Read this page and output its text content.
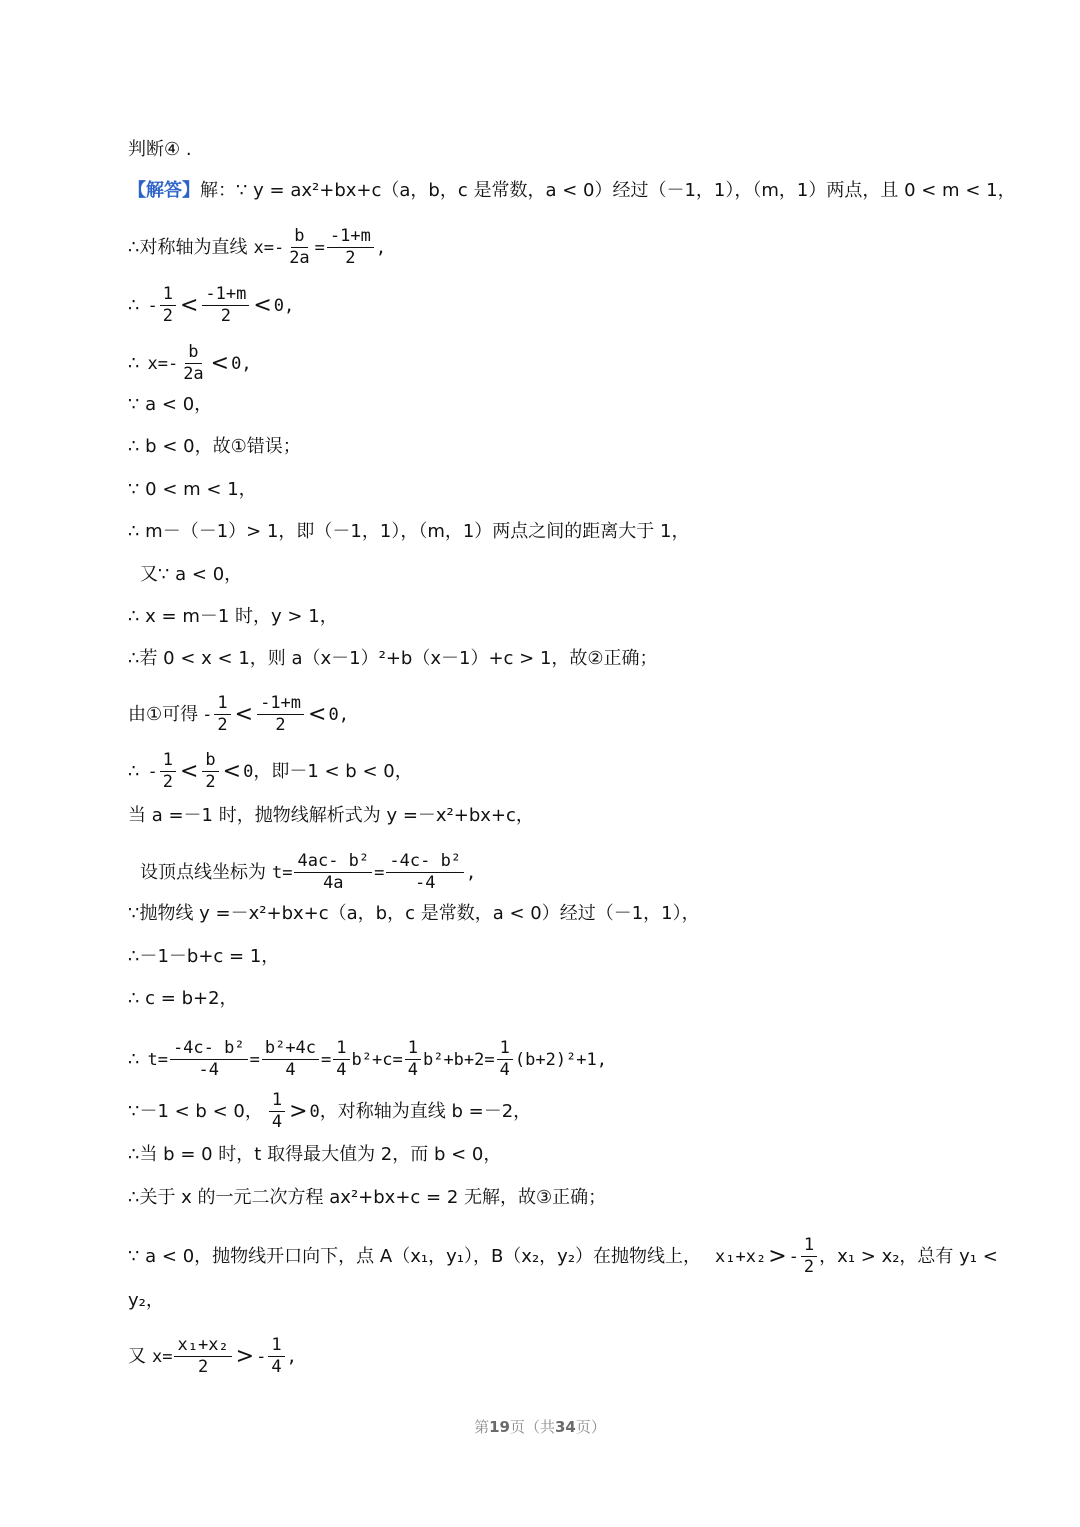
判断④ .
【解答】 解：∵ y = ax²+bx+c（a，b，c 是常数，a < 0）经过（－1，1），（m，1）两点，且 0 < m < 1，
∴对称轴为直线 $x= - \frac{b}{2a} = \frac{-1+m}{2}$ ,
∴ - $\frac{1}{2} < \frac{-1+m}{2} < 0$,
∴ $x= - \frac{b}{2a} < 0$,
∵ a < 0，
∴ b < 0，故①错误；
∵ 0 < m < 1，
∴ m－（－1）> 1，即（－1，1），（m，1）两点之间的距离大于 1，
又∵ a < 0，
∴ x = m－1 时，y > 1，
∴若 0 < x < 1，则 a（x－1）²+b（x－1）+c > 1，故②正确；
由①可得 - $\frac{1}{2} < \frac{-1+m}{2} < 0$,
∴ - $\frac{1}{2} < \frac{b}{2} < 0$ ，即－1 < b < 0，
当 a =－1 时，抛物线解析式为 y =－x²+bx+c，
设顶点线坐标为 $t= \frac{\text{4ac- b²}}{4a} = \frac{\text{-4c- b²}}{-4}$ ,
∵抛物线 y =－x²+bx+c（a，b，c 是常数，a < 0）经过（－1，1），
∴－1－b+c = 1，
∴ c = b+2，
∴ $t= \frac{\text{-4c- b²}}{-4} = \frac{\text{b²+4c}}{4} = \frac{1}{4} b^2+c= \frac{1}{4} b^2+b+2= \frac{1}{4} (b+2)^2+1$,
∵－1 < b < 0， $\frac{1}{4} > 0$ ，对称轴为直线 b =－2，
∴当 b = 0 时，t 取得最大值为 2，而 b < 0，
∴关于 x 的一元二次方程 ax²+bx+c = 2 无解，故③正确；
∵ a < 0，抛物线开口向下，点 A（x₁，y₁），B（x₂，y₂）在抛物线上， x₁+x₂ > - $\frac{1}{2}$ ，x₁ > x₂，总有 y₁ <
y₂，
又 $x= \frac{\text{x₁+x₂}}{2}$ > - $\frac{1}{4}$ ,
第19页（共34页）
